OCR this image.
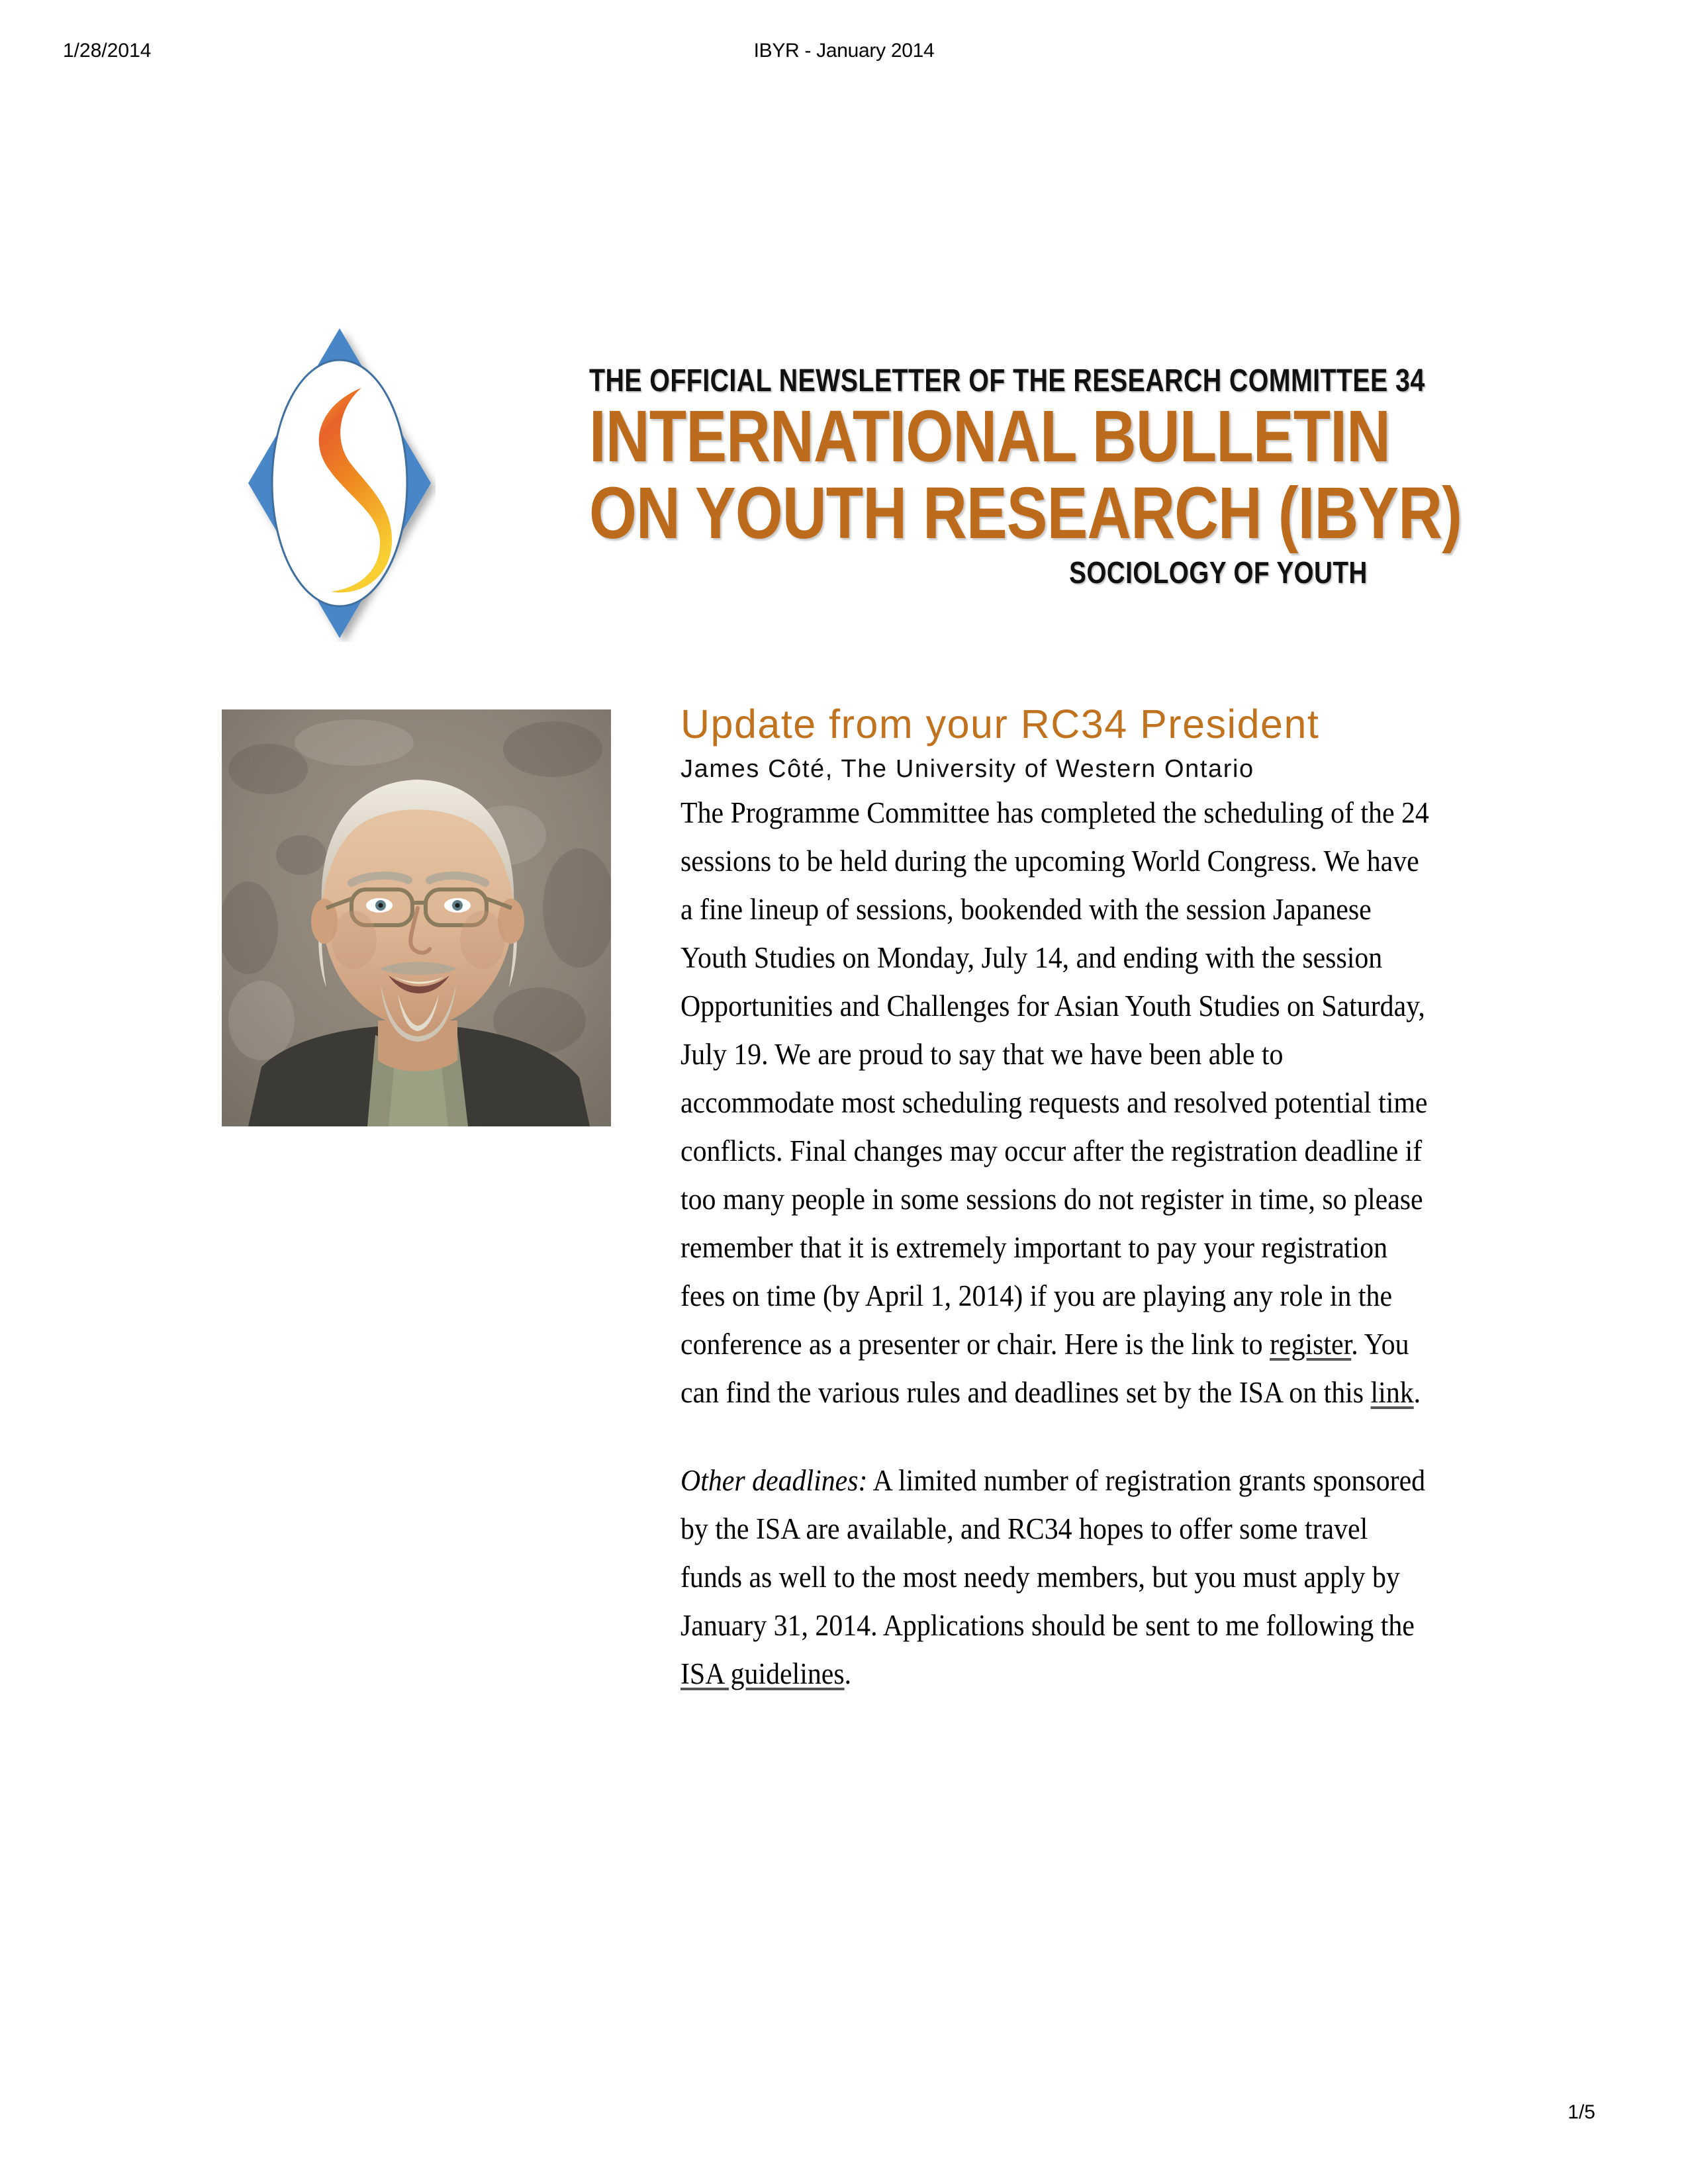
1/28/2014	IBYR - January 2014
THE OFFICIAL NEWSLETTER OF THE RESEARCH COMMITTEE 34
INTERNATIONAL BULLETIN
ON YOUTH RESEARCH (IBYR)
SOCIOLOGY OF YOUTH
Update from your RC34 President
James Côté, The University of Western Ontario

The Programme Committee has completed the scheduling of the 24 sessions to be held during the upcoming World Congress. We have a fine lineup of sessions, bookended with the session Japanese Youth Studies on Monday, July 14, and ending with the session Opportunities and Challenges for Asian Youth Studies on Saturday, July 19. We are proud to say that we have been able to accommodate most scheduling requests and resolved potential time conflicts. Final changes may occur after the registration deadline if too many people in some sessions do not register in time, so please remember that it is extremely important to pay your registration fees on time (by April 1, 2014) if you are playing any role in the conference as a presenter or chair. Here is the link to register. You can find the various rules and deadlines set by the ISA on this link.

Other deadlines: A limited number of registration grants sponsored by the ISA are available, and RC34 hopes to offer some travel funds as well to the most needy members, but you must apply by January 31, 2014. Applications should be sent to me following the ISA guidelines.

1/5
